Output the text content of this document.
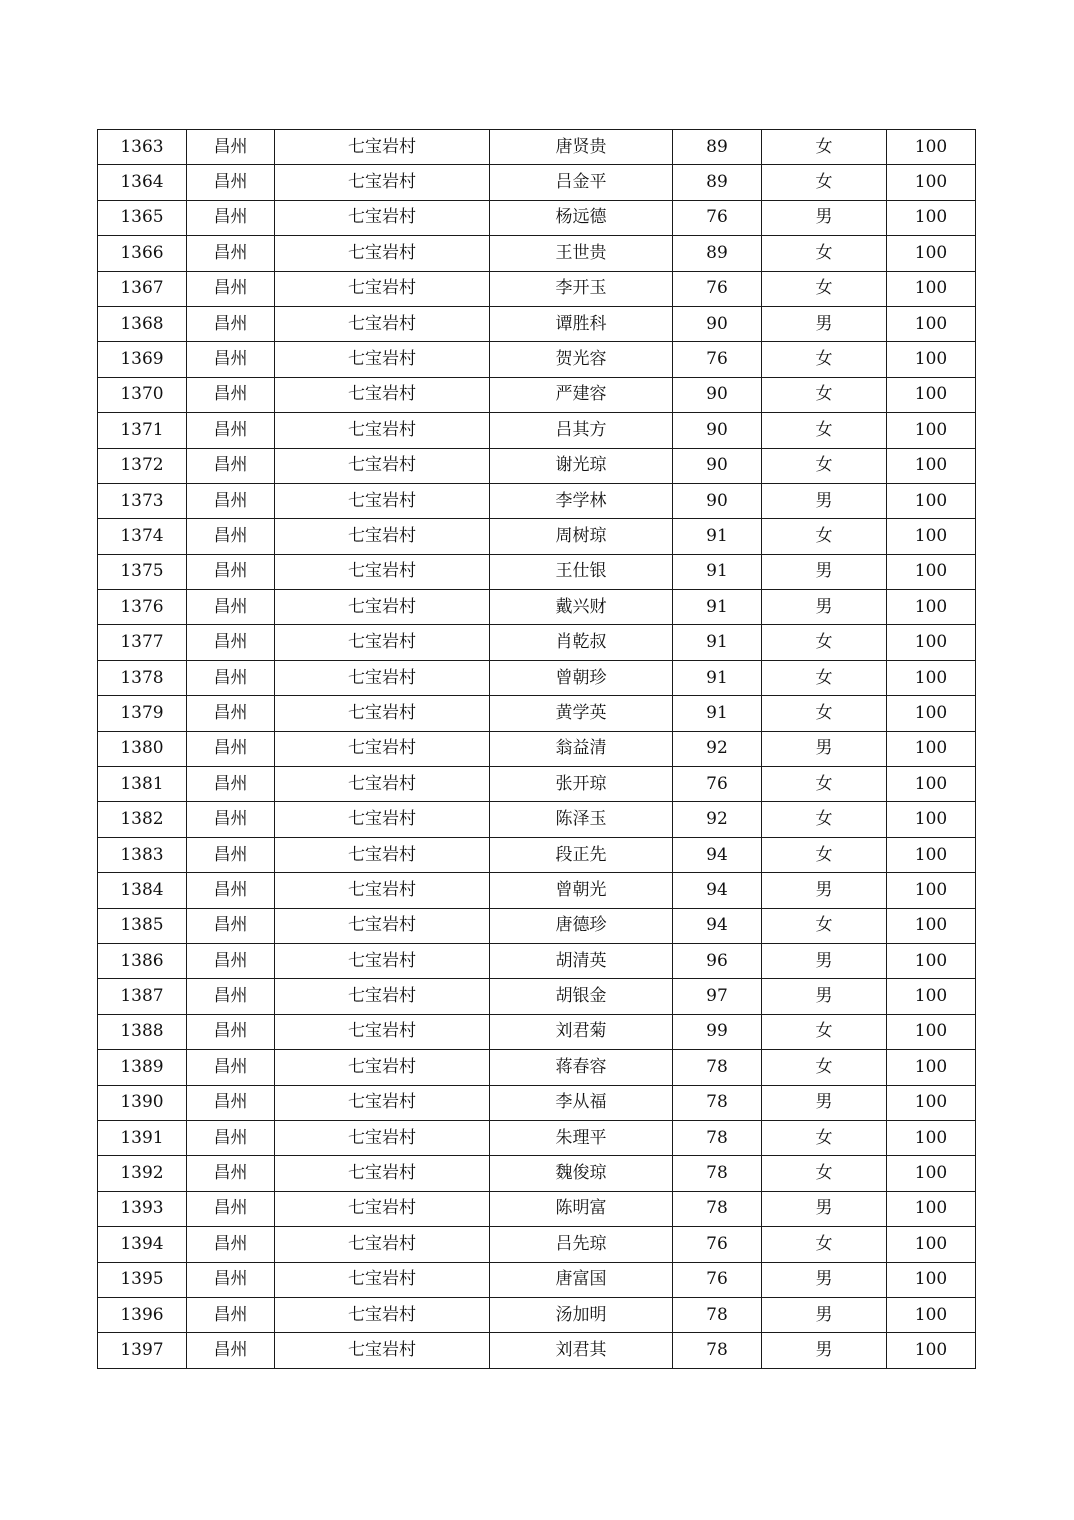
1363	昌州	七宝岩村	唐贤贵	89	女	100
1364	昌州	七宝岩村	吕金平	89	女	100
1365	昌州	七宝岩村	杨远德	76	男	100
1366	昌州	七宝岩村	王世贵	89	女	100
1367	昌州	七宝岩村	李开玉	76	女	100
1368	昌州	七宝岩村	谭胜科	90	男	100
1369	昌州	七宝岩村	贺光容	76	女	100
1370	昌州	七宝岩村	严建容	90	女	100
1371	昌州	七宝岩村	吕其方	90	女	100
1372	昌州	七宝岩村	谢光琼	90	女	100
1373	昌州	七宝岩村	李学林	90	男	100
1374	昌州	七宝岩村	周树琼	91	女	100
1375	昌州	七宝岩村	王仕银	91	男	100
1376	昌州	七宝岩村	戴兴财	91	男	100
1377	昌州	七宝岩村	肖乾叔	91	女	100
1378	昌州	七宝岩村	曾朝珍	91	女	100
1379	昌州	七宝岩村	黄学英	91	女	100
1380	昌州	七宝岩村	翁益清	92	男	100
1381	昌州	七宝岩村	张开琼	76	女	100
1382	昌州	七宝岩村	陈泽玉	92	女	100
1383	昌州	七宝岩村	段正先	94	女	100
1384	昌州	七宝岩村	曾朝光	94	男	100
1385	昌州	七宝岩村	唐德珍	94	女	100
1386	昌州	七宝岩村	胡清英	96	男	100
1387	昌州	七宝岩村	胡银金	97	男	100
1388	昌州	七宝岩村	刘君菊	99	女	100
1389	昌州	七宝岩村	蒋春容	78	女	100
1390	昌州	七宝岩村	李从福	78	男	100
1391	昌州	七宝岩村	朱理平	78	女	100
1392	昌州	七宝岩村	魏俊琼	78	女	100
1393	昌州	七宝岩村	陈明富	78	男	100
1394	昌州	七宝岩村	吕先琼	76	女	100
1395	昌州	七宝岩村	唐富国	76	男	100
1396	昌州	七宝岩村	汤加明	78	男	100
1397	昌州	七宝岩村	刘君其	78	男	100
